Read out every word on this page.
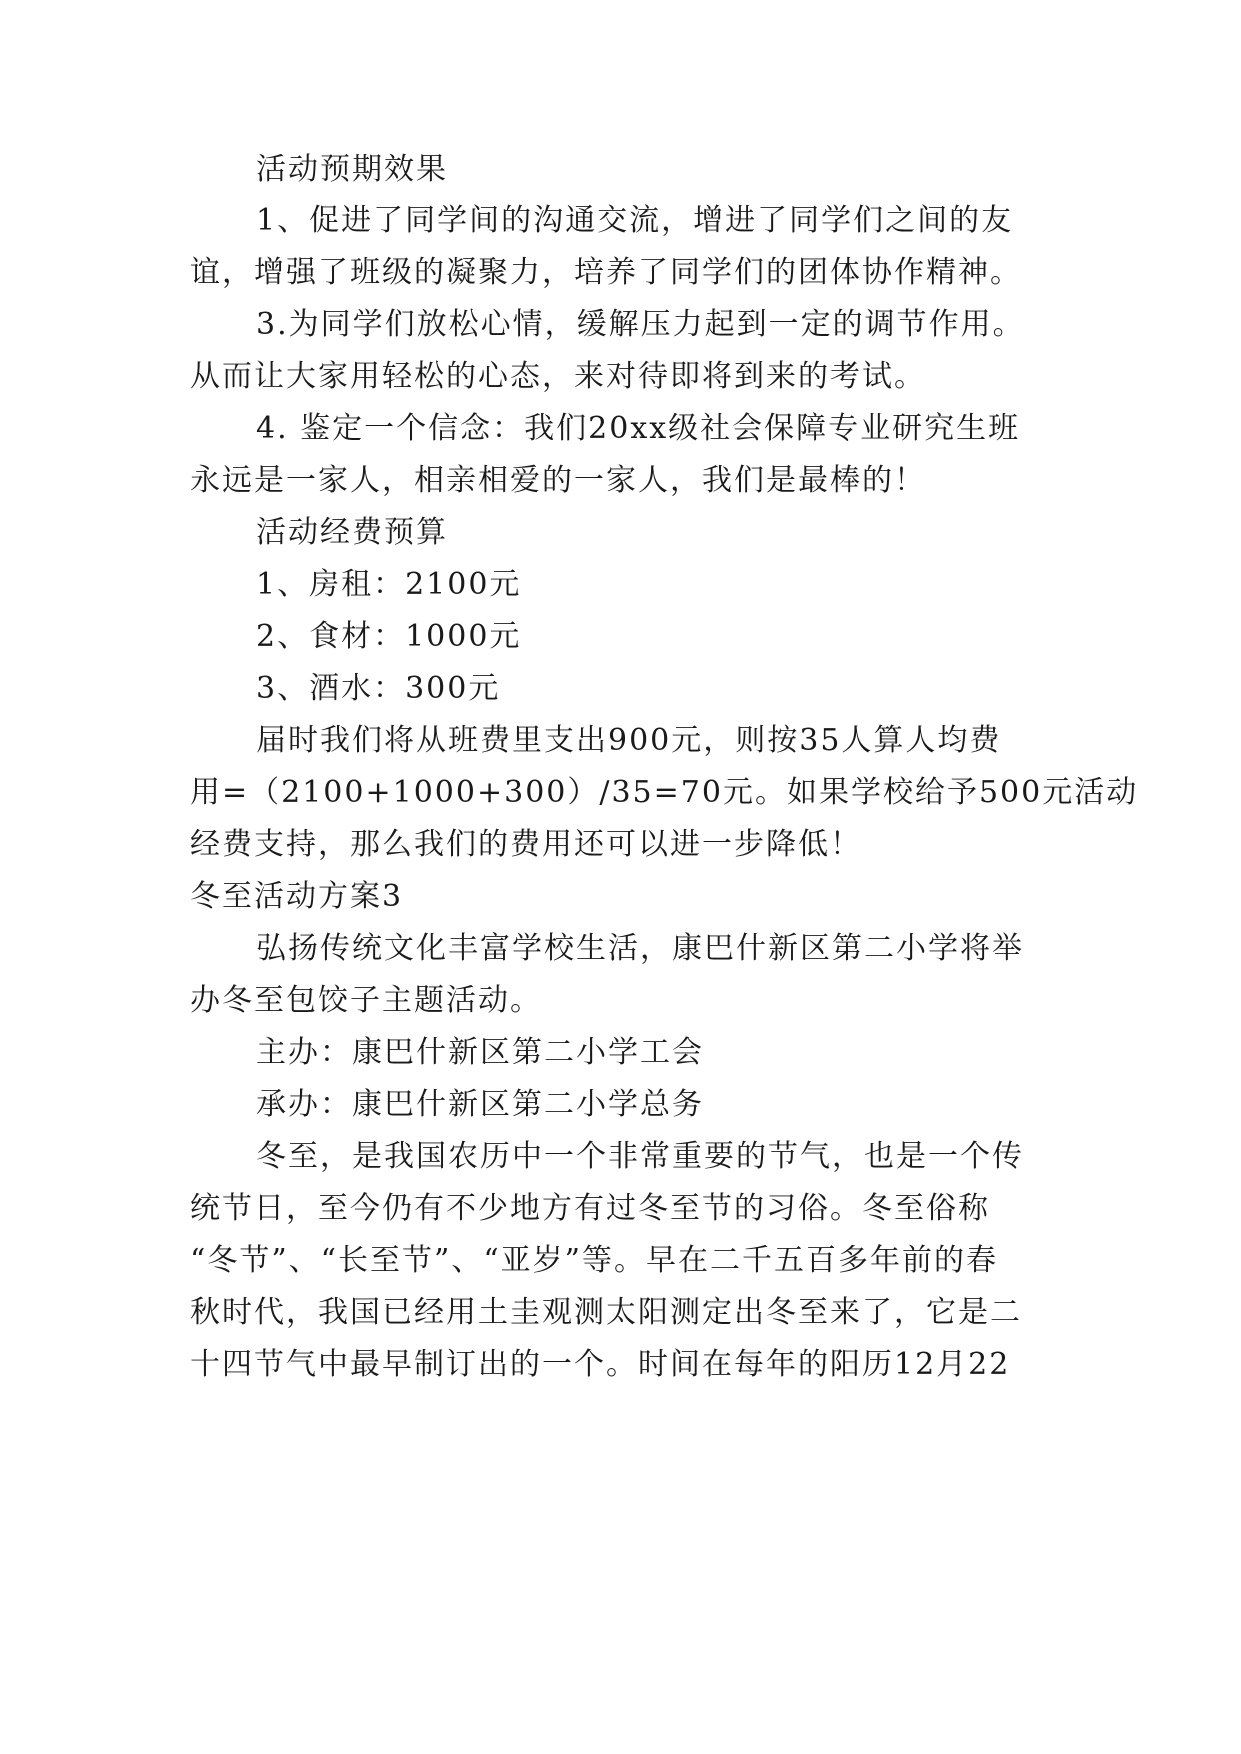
活动预期效果
1、促进了同学间的沟通交流，增进了同学们之间的友
谊，增强了班级的凝聚力，培养了同学们的团体协作精神。
3.为同学们放松心情，缓解压力起到一定的调节作用。
从而让大家用轻松的心态，来对待即将到来的考试。
4. 鉴定一个信念：我们20xx级社会保障专业研究生班
永远是一家人，相亲相爱的一家人，我们是最棒的！
活动经费预算
1、房租：2100元
2、食材：1000元
3、酒水：300元
届时我们将从班费里支出900元，则按35人算人均费
用=（2100+1000+300）/35=70元。如果学校给予500元活动
经费支持，那么我们的费用还可以进一步降低！
冬至活动方案3
弘扬传统文化丰富学校生活，康巴什新区第二小学将举
办冬至包饺子主题活动。
主办：康巴什新区第二小学工会
承办：康巴什新区第二小学总务
冬至，是我国农历中一个非常重要的节气，也是一个传
统节日，至今仍有不少地方有过冬至节的习俗。冬至俗称
“冬节”、“长至节”、“亚岁”等。早在二千五百多年前的春
秋时代，我国已经用土圭观测太阳测定出冬至来了，它是二
十四节气中最早制订出的一个。时间在每年的阳历12月22
